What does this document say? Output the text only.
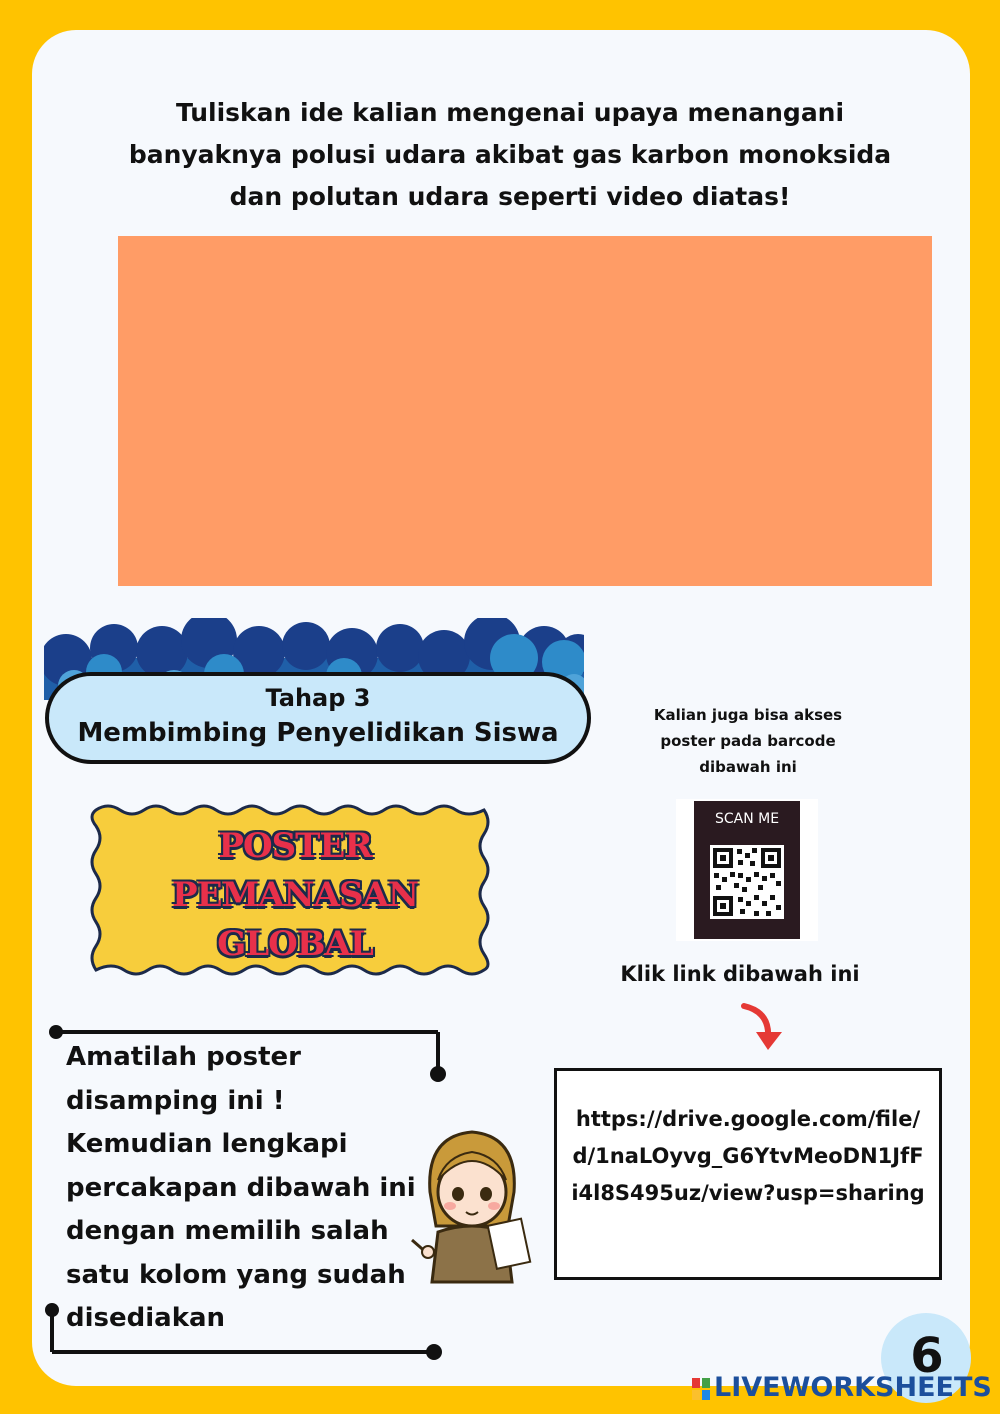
Tuliskan ide kalian mengenai upaya menangani
banyaknya polusi udara akibat gas karbon monoksida
dan polutan udara seperti video diatas!
Tahap 3
Membimbing Penyelidikan Siswa
POSTER
PEMANASAN
GLOBAL
Amatilah poster
disamping ini !
Kemudian lengkapi
percakapan dibawah ini
dengan memilih salah
satu kolom yang sudah
disediakan
Kalian juga bisa akses
poster pada barcode
dibawah ini
SCAN ME
Klik link dibawah ini
https://drive.google.com/file/d/1naLOyvg_G6YtvMeoDN1JfFi4l8S495uz/view?usp=sharing
6
LIVEWORKSHEETS
